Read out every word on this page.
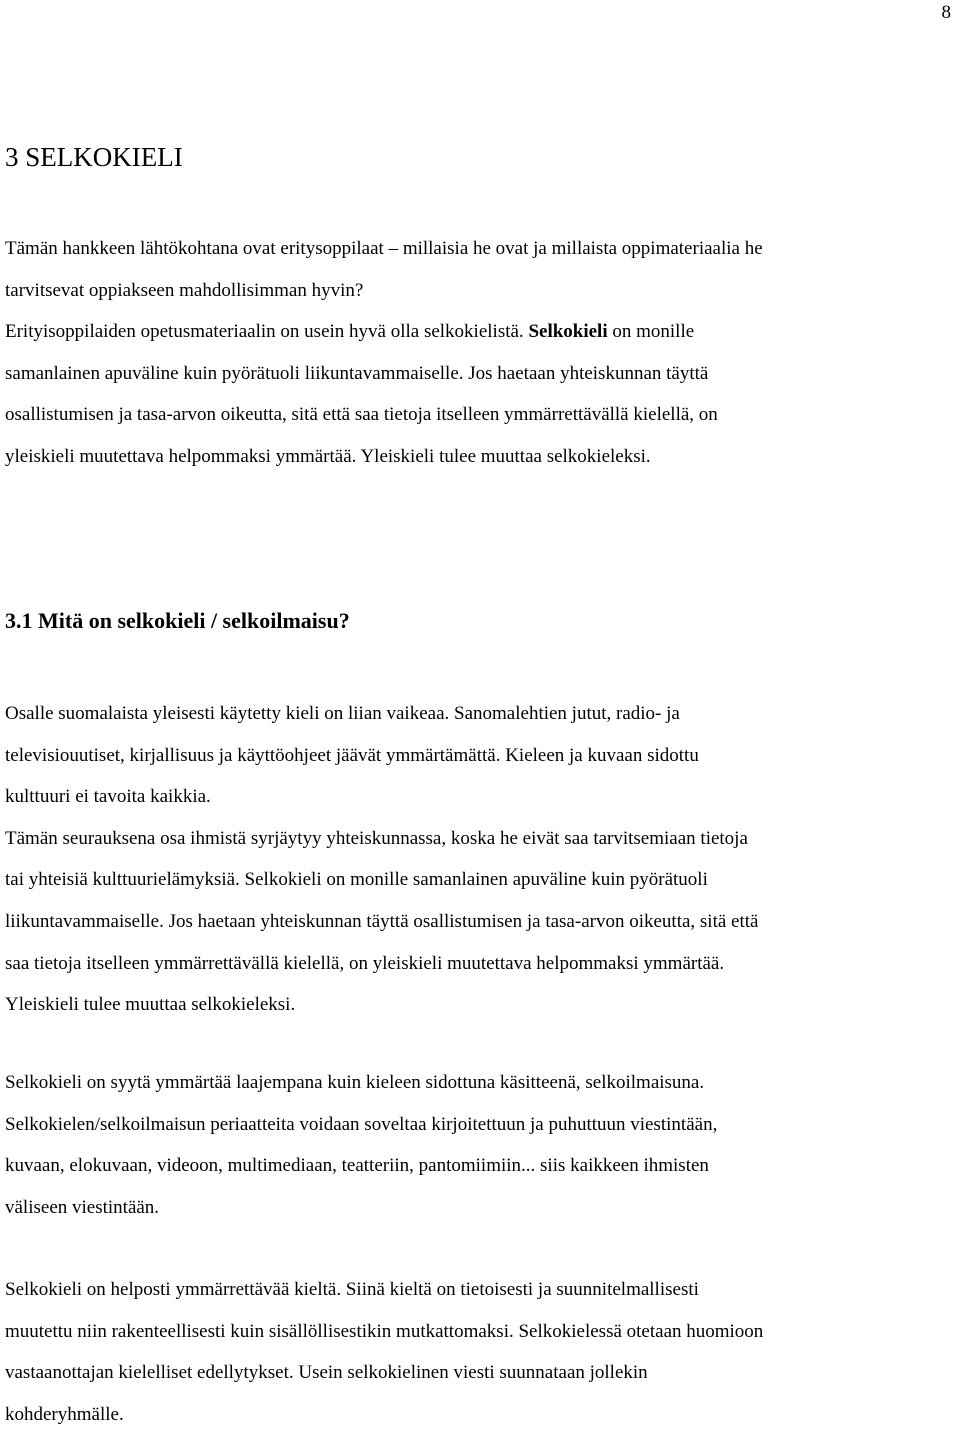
8
3 SELKOKIELI
Tämän hankkeen lähtökohtana ovat eritysoppilaat – millaisia he ovat ja millaista oppimateriaalia he
tarvitsevat oppiakseen mahdollisimman hyvin?
Erityisoppilaiden opetusmateriaalin on usein hyvä olla selkokielistä. Selkokieli on monille
samanlainen apuväline kuin pyörätuoli liikuntavammaiselle. Jos haetaan yhteiskunnan täyttä
osallistumisen ja tasa-arvon oikeutta, sitä että saa tietoja itselleen ymmärrettävällä kielellä, on
yleiskieli muutettava helpommaksi ymmärtää. Yleiskieli tulee muuttaa selkokieleksi.
3.1 Mitä on selkokieli / selkoilmaisu?
Osalle suomalaista yleisesti käytetty kieli on liian vaikeaa. Sanomalehtien jutut, radio- ja
televisiouutiset, kirjallisuus ja käyttöohjeet jäävät ymmärtämättä. Kieleen ja kuvaan sidottu
kulttuuri ei tavoita kaikkia.
Tämän seurauksena osa ihmistä syrjäytyy yhteiskunnassa, koska he eivät saa tarvitsemiaan tietoja
tai yhteisiä kulttuurielämyksiä. Selkokieli on monille samanlainen apuväline kuin pyörätuoli
liikuntavammaiselle. Jos haetaan yhteiskunnan täyttä osallistumisen ja tasa-arvon oikeutta, sitä että
saa tietoja itselleen ymmärrettävällä kielellä, on yleiskieli muutettava helpommaksi ymmärtää.
Yleiskieli tulee muuttaa selkokieleksi.
Selkokieli on syytä ymmärtää laajempana kuin kieleen sidottuna käsitteenä, selkoilmaisuna.
Selkokielen/selkoilmaisun periaatteita voidaan soveltaa kirjoitettuun ja puhuttuun viestintään,
kuvaan, elokuvaan, videoon, multimediaan, teatteriin, pantomiimiin... siis kaikkeen ihmisten
väliseen viestintään.
Selkokieli on helposti ymmärrettävää kieltä. Siinä kieltä on tietoisesti ja suunnitelmallisesti
muutettu niin rakenteellisesti kuin sisällöllisestikin mutkattomaksi. Selkokielessä otetaan huomioon
vastaanottajan kielelliset edellytykset. Usein selkokielinen viesti suunnataan jollekin
kohderyhmälle.
